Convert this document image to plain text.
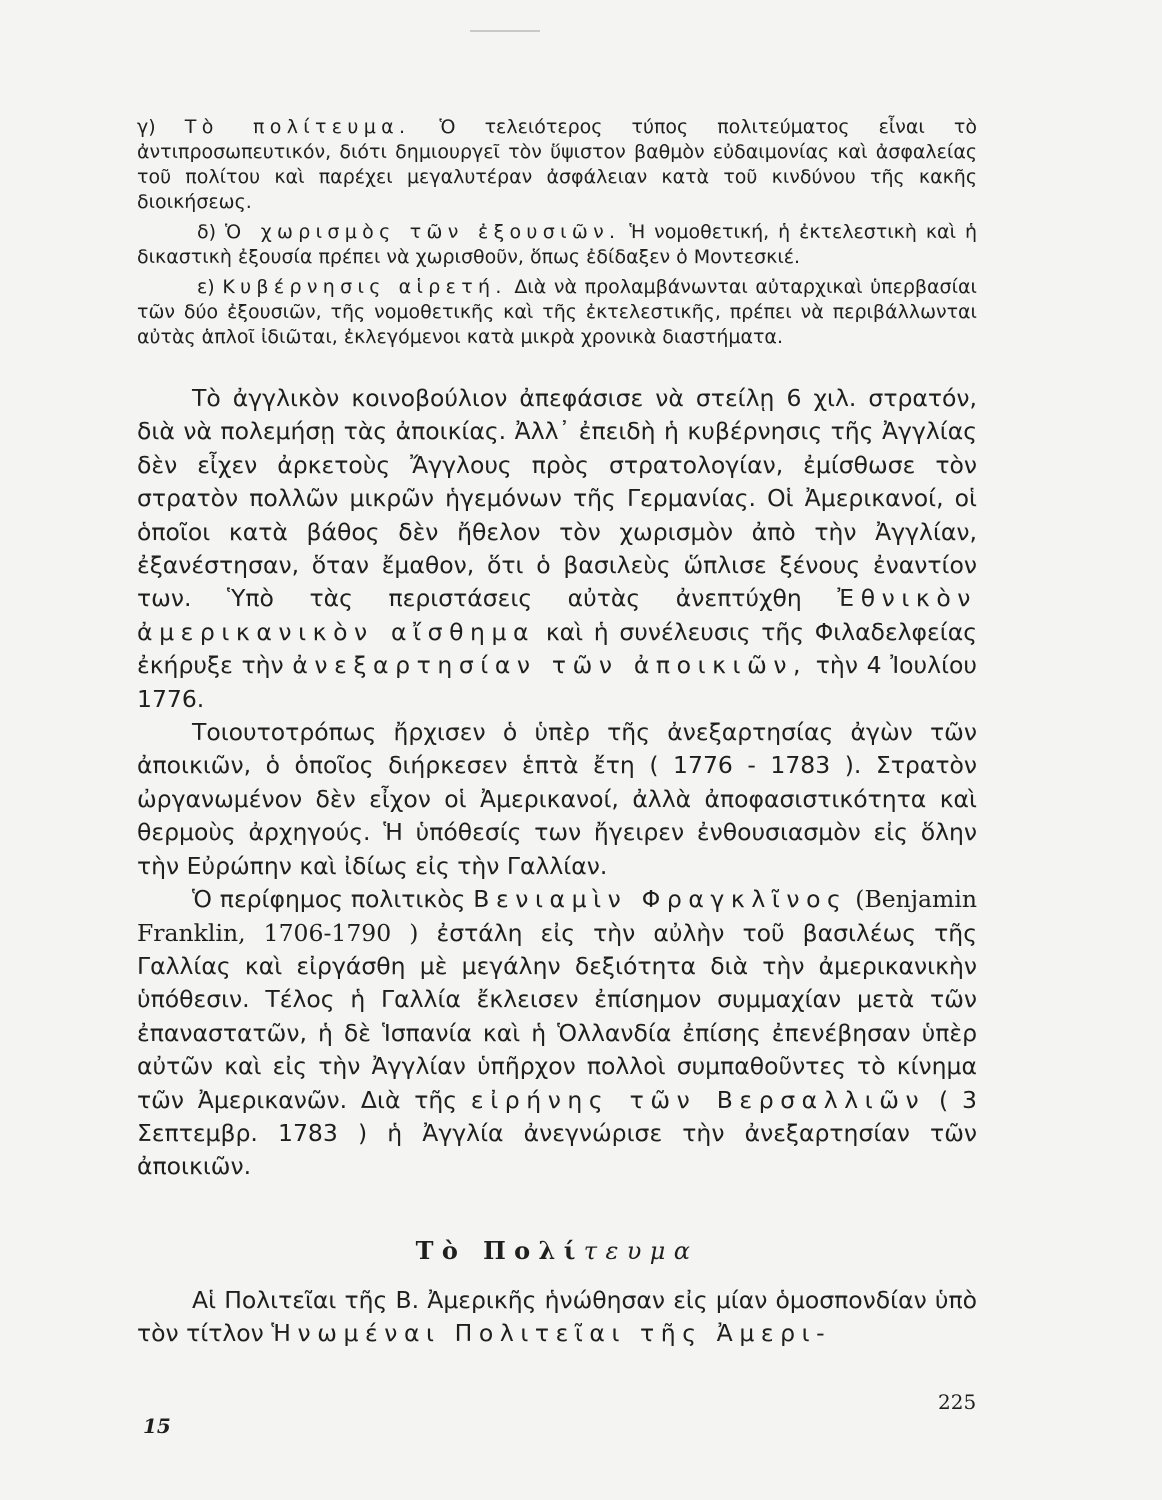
γ) Τὸ πολίτευμα. Ὁ τελειότερος τύπος πολιτεύματος εἶναι τὸ ἀντιπροσωπευτικόν, διότι δημιουργεῖ τὸν ὕψιστον βαθμὸν εὐδαιμονίας καὶ ἀσφαλείας τοῦ πολίτου καὶ παρέχει μεγαλυτέραν ἀσφάλειαν κατὰ τοῦ κινδύνου τῆς κακῆς διοικήσεως.

δ) Ὁ χωρισμὸς τῶν ἐξουσιῶν. Ἡ νομοθετική, ἡ ἐκτελεστικὴ καὶ ἡ δικαστικὴ ἐξουσία πρέπει νὰ χωρισθοῦν, ὅπως ἐδίδαξεν ὁ Μοντεσκιέ.

ε) Κυβέρνησις αἱρετή. Διὰ νὰ προλαμβάνωνται αὐταρχικαὶ ὑπερβασίαι τῶν δύο ἐξουσιῶν, τῆς νομοθετικῆς καὶ τῆς ἐκτελεστικῆς, πρέπει νὰ περιβάλλωνται αὐτὰς ἁπλοῖ ἰδιῶται, ἐκλεγόμενοι κατὰ μικρὰ χρονικὰ διαστήματα.

Τὸ ἀγγλικὸν κοινοβούλιον ἀπεφάσισε νὰ στείλῃ 6 χιλ. στρατόν, διὰ νὰ πολεμήσῃ τὰς ἀποικίας. Ἀλλ᾽ ἐπειδὴ ἡ κυβέρνησις τῆς Ἀγγλίας δὲν εἶχεν ἀρκετοὺς Ἄγγλους πρὸς στρατολογίαν, ἐμίσθωσε τὸν στρατὸν πολλῶν μικρῶν ἡγεμόνων τῆς Γερμανίας. Οἱ Ἀμερικανοί, οἱ ὁποῖοι κατὰ βάθος δὲν ἤθελον τὸν χωρισμὸν ἀπὸ τὴν Ἀγγλίαν, ἐξανέστησαν, ὅταν ἔμαθον, ὅτι ὁ βασιλεὺς ὥπλισε ξένους ἐναντίον των. Ὑπὸ τὰς περιστάσεις αὐτὰς ἀνεπτύχθη Ἐθνικὸν ἀμερικανικὸν αἴσθημα καὶ ἡ συνέλευσις τῆς Φιλαδελφείας ἐκήρυξε τὴν ἀνεξαρτησίαν τῶν ἀποικιῶν, τὴν 4 Ἰουλίου 1776.

Τοιουτοτρόπως ἤρχισεν ὁ ὑπὲρ τῆς ἀνεξαρτησίας ἀγὼν τῶν ἀποικιῶν, ὁ ὁποῖος διήρκεσεν ἑπτὰ ἔτη ( 1776 - 1783 ). Στρατὸν ὠργανωμένον δὲν εἶχον οἱ Ἀμερικανοί, ἀλλὰ ἀποφασιστικότητα καὶ θερμοὺς ἀρχηγούς. Ἡ ὑπόθεσίς των ἤγειρεν ἐνθουσιασμὸν εἰς ὅλην τὴν Εὐρώπην καὶ ἰδίως εἰς τὴν Γαλλίαν.

Ὁ περίφημος πολιτικὸς Βενιαμὶν Φραγκλῖνος (Benjamin Franklin, 1706-1790 ) ἐστάλη εἰς τὴν αὐλὴν τοῦ βασιλέως τῆς Γαλλίας καὶ εἰργάσθη μὲ μεγάλην δεξιότητα διὰ τὴν ἀμερικανικὴν ὑπόθεσιν. Τέλος ἡ Γαλλία ἔκλεισεν ἐπίσημον συμμαχίαν μετὰ τῶν ἐπαναστατῶν, ἡ δὲ Ἱσπανία καὶ ἡ Ὁλλανδία ἐπίσης ἐπενέβησαν ὑπὲρ αὐτῶν καὶ εἰς τὴν Ἀγγλίαν ὑπῆρχον πολλοὶ συμπαθοῦντες τὸ κίνημα τῶν Ἀμερικανῶν. Διὰ τῆς εἰρήνης τῶν Βερσαλλιῶν ( 3 Σεπτεμβρ. 1783 ) ἡ Ἀγγλία ἀνεγνώρισε τὴν ἀνεξαρτησίαν τῶν ἀποικιῶν.

Τὸ Πολίτευμα

Αἱ Πολιτεῖαι τῆς Β. Ἀμερικῆς ἡνώθησαν εἰς μίαν ὁμοσπονδίαν ὑπὸ τὸν τίτλον Ἡνωμέναι Πολιτεῖαι τῆς Ἀμερι-

225
15
